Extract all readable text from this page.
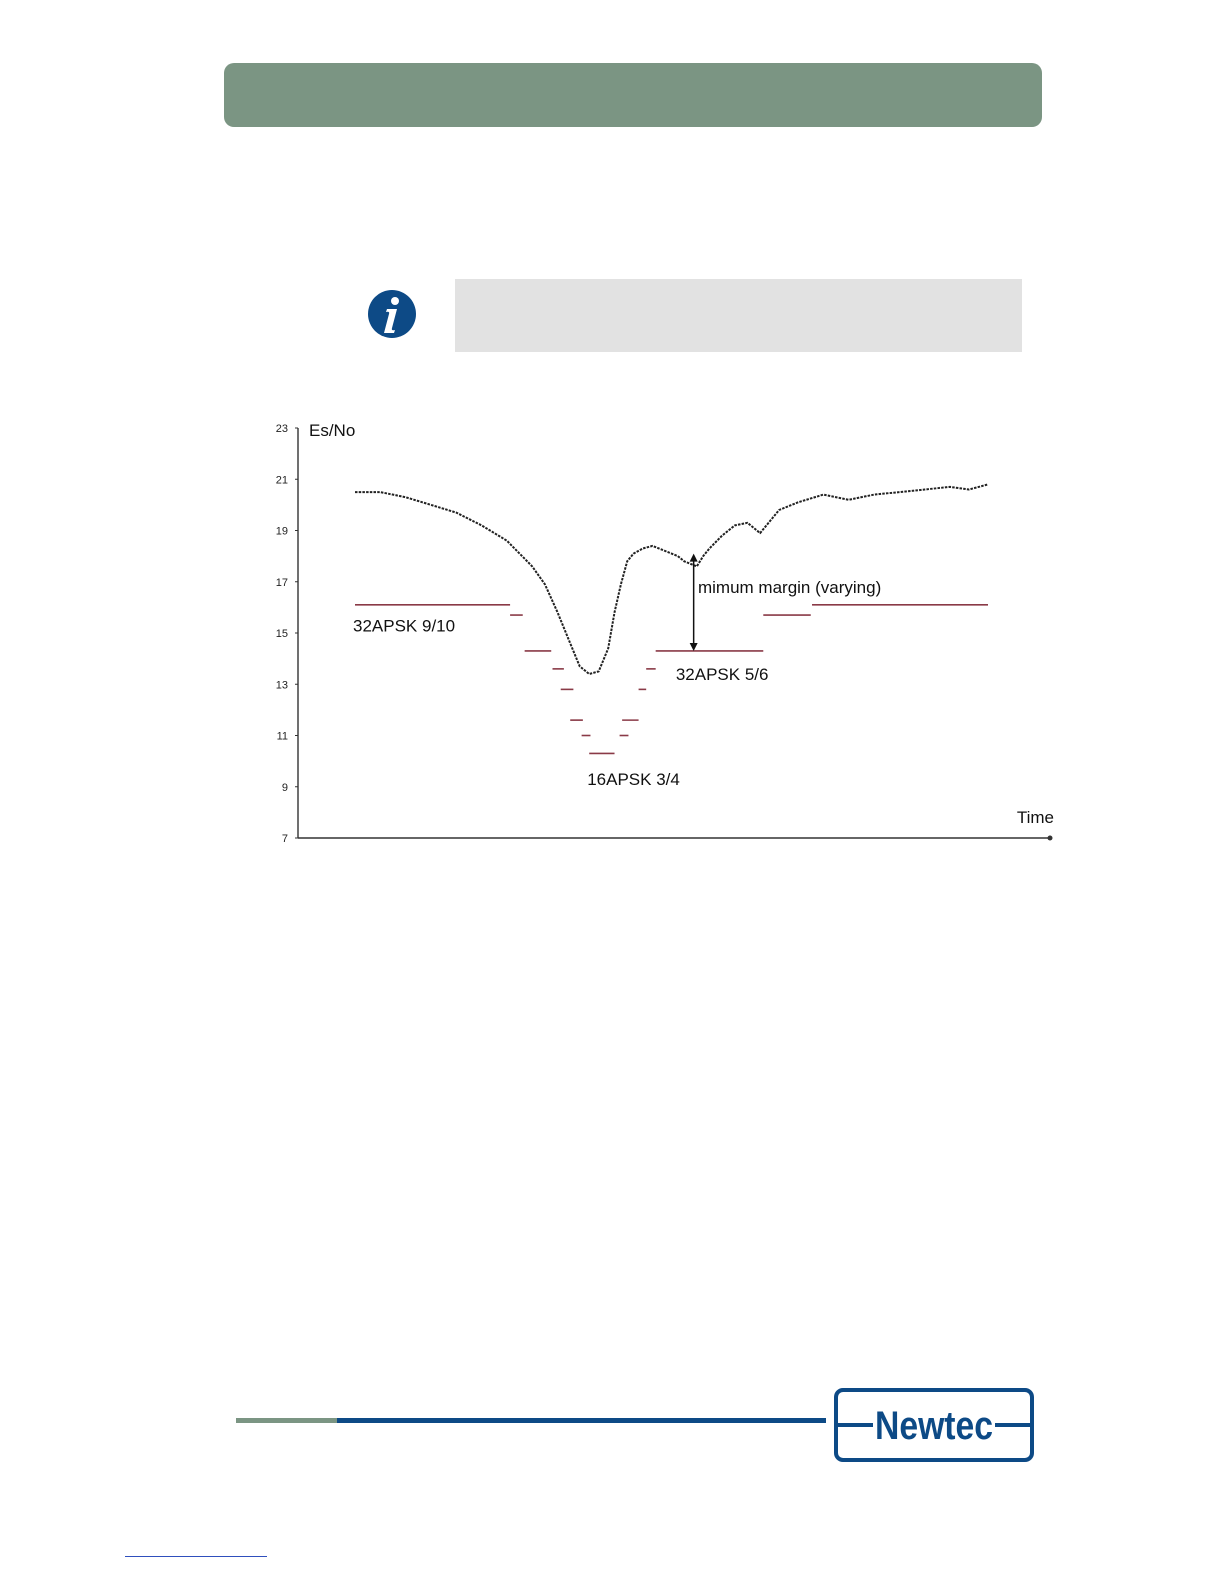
Es/No
Time
23
21
19
17
15
13
11
9
7
32APSK 9/10
32APSK 5/6
16APSK 3/4
mimum margin (varying)
Newtec
